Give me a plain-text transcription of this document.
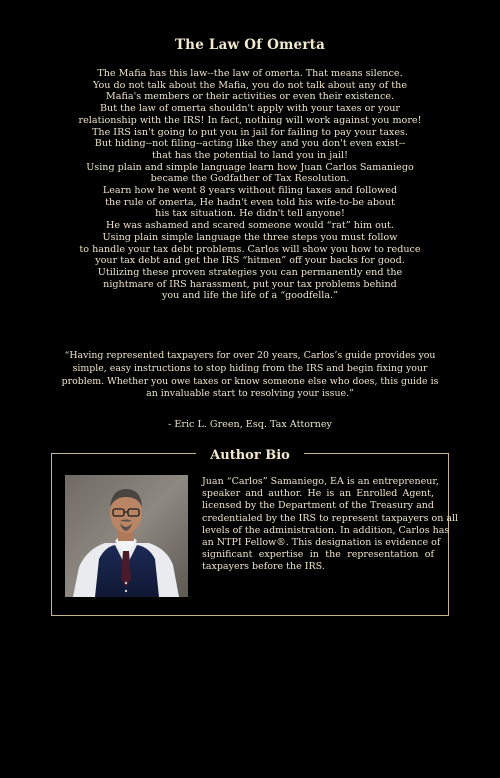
The Law Of Omerta
The Mafia has this law--the law of omerta. That means silence.
You do not talk about the Mafia, you do not talk about any of the
Mafia's members or their activities or even their existence.
But the law of omerta shouldn't apply with your taxes or your
relationship with the IRS! In fact, nothing will work against you more!
The IRS isn't going to put you in jail for failing to pay your taxes.
But hiding--not filing--acting like they and you don't even exist--
that has the potential to land you in jail!
Using plain and simple language learn how Juan Carlos Samaniego
became the Godfather of Tax Resolution.
Learn how he went 8 years without filing taxes and followed
the rule of omerta, He hadn't even told his wife-to-be about
his tax situation. He didn't tell anyone!
He was ashamed and scared someone would “rat” him out.
Using plain simple language the three steps you must follow
to handle your tax debt problems. Carlos will show you how to reduce
your tax debt and get the IRS “hitmen” off your backs for good.
Utilizing these proven strategies you can permanently end the
nightmare of IRS harassment, put your tax problems behind
you and life the life of a “goodfella.”
“Having represented taxpayers for over 20 years, Carlos’s guide provides you
simple, easy instructions to stop hiding from the IRS and begin fixing your
problem. Whether you owe taxes or know someone else who does, this guide is
an invaluable start to resolving your issue.”
- Eric L. Green, Esq. Tax Attorney
Author Bio
Juan “Carlos” Samaniego, EA is an entrepreneur,
speaker and author. He is an Enrolled Agent,
licensed by the Department of the Treasury and
credentialed by the IRS to represent taxpayers on all
levels of the administration. In addition, Carlos has
an NTPI Fellow®. This designation is evidence of
significant expertise in the representation of
taxpayers before the IRS.
